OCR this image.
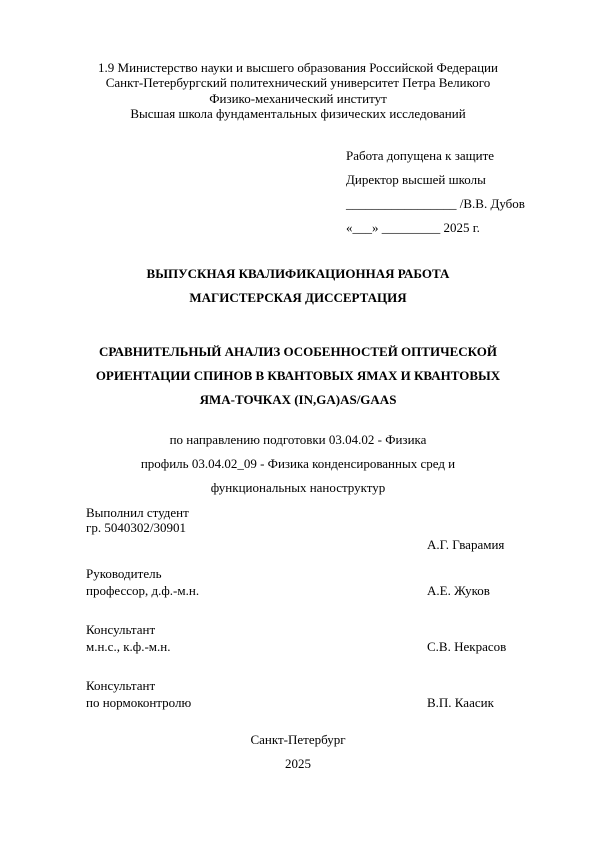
1.9 Министерство науки и высшего образования Российской Федерации
Санкт-Петербургский политехнический университет Петра Великого
Физико-механический институт
Высшая школа фундаментальных физических исследований
Работа допущена к защите
Директор высшей школы
_________________ /В.В. Дубов
«___» _________ 2025 г.
ВЫПУСКНАЯ КВАЛИФИКАЦИОННАЯ РАБОТА
МАГИСТЕРСКАЯ ДИССЕРТАЦИЯ
СРАВНИТЕЛЬНЫЙ АНАЛИЗ ОСОБЕННОСТЕЙ ОПТИЧЕСКОЙ
ОРИЕНТАЦИИ СПИНОВ В КВАНТОВЫХ ЯМАХ И КВАНТОВЫХ
ЯМА-ТОЧКАХ (IN,GA)AS/GAAS
по направлению подготовки 03.04.02 - Физика
профиль 03.04.02_09 - Физика конденсированных сред и
функциональных наноструктур
Выполнил студент
гр. 5040302/30901
А.Г. Гварамия
Руководитель
профессор, д.ф.-м.н.	А.Е. Жуков
Консультант
м.н.с., к.ф.-м.н.	С.В. Некрасов
Консультант
по нормоконтролю	В.П. Каасик
Санкт-Петербург
2025
